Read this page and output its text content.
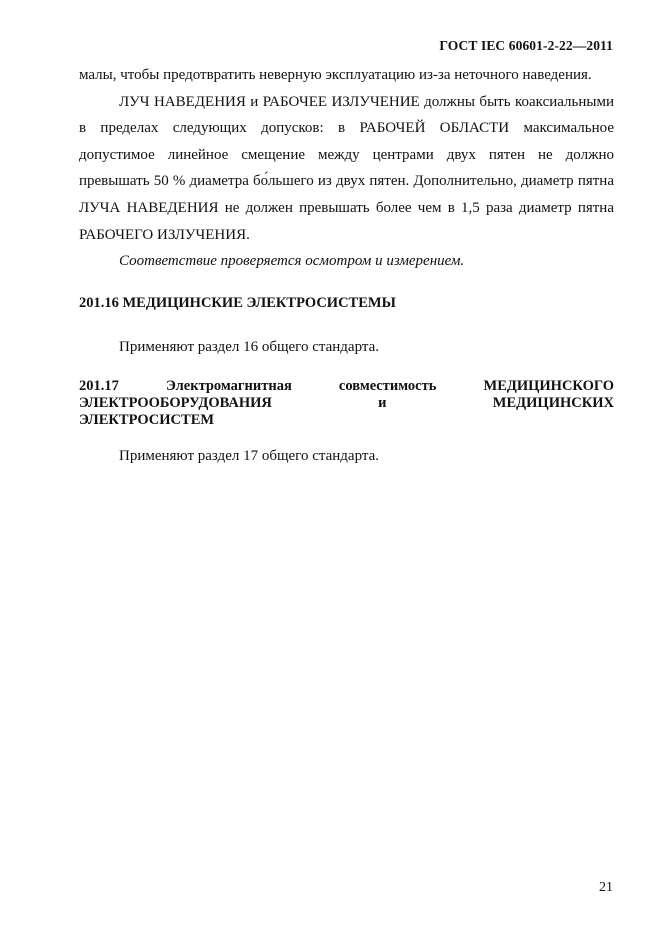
ГОСТ IEC 60601-2-22—2011

малы, чтобы предотвратить неверную эксплуатацию из-за неточного наведения.

ЛУЧ НАВЕДЕНИЯ и РАБОЧЕЕ ИЗЛУЧЕНИЕ должны быть коаксиальными в пределах следующих допусков: в РАБОЧЕЙ ОБЛАСТИ максимальное допустимое линейное смещение между центрами двух пятен не должно превышать 50 % диаметра бо́льшего из двух пятен. Дополнительно, диаметр пятна ЛУЧА НАВЕДЕНИЯ не должен превышать более чем в 1,5 раза диаметр пятна РАБОЧЕГО ИЗЛУЧЕНИЯ.

Соответствие проверяется осмотром и измерением.

201.16 МЕДИЦИНСКИЕ ЭЛЕКТРОСИСТЕМЫ

Применяют раздел 16 общего стандарта.

201.17 Электромагнитная совместимость МЕДИЦИНСКОГО
ЭЛЕКТРООБОРУДОВАНИЯ и МЕДИЦИНСКИХ
ЭЛЕКТРОСИСТЕМ

Применяют раздел 17 общего стандарта.

21
